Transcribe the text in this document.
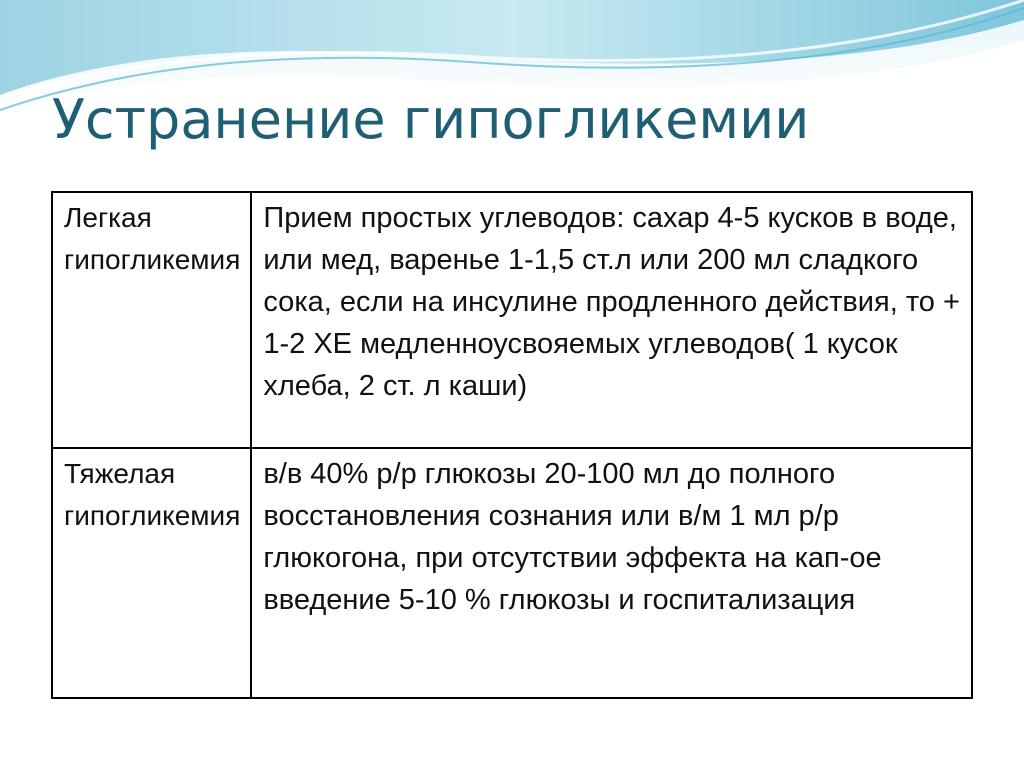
Устранение гипогликемии
Легкая гипогликемия	Прием простых углеводов: сахар 4-5 кусков в воде, или мед, варенье 1-1,5 ст.л или 200 мл сладкого сока, если на инсулине продленного действия, то + 1-2 ХЕ медленноусвояемых углеводов( 1 кусок хлеба, 2 ст. л каши)
Тяжелая гипогликемия	в/в 40% р/р глюкозы 20-100 мл до полного восстановления сознания или в/м 1 мл р/р глюкогона, при отсутствии эффекта на кап-ое введение 5-10 % глюкозы и госпитализация
